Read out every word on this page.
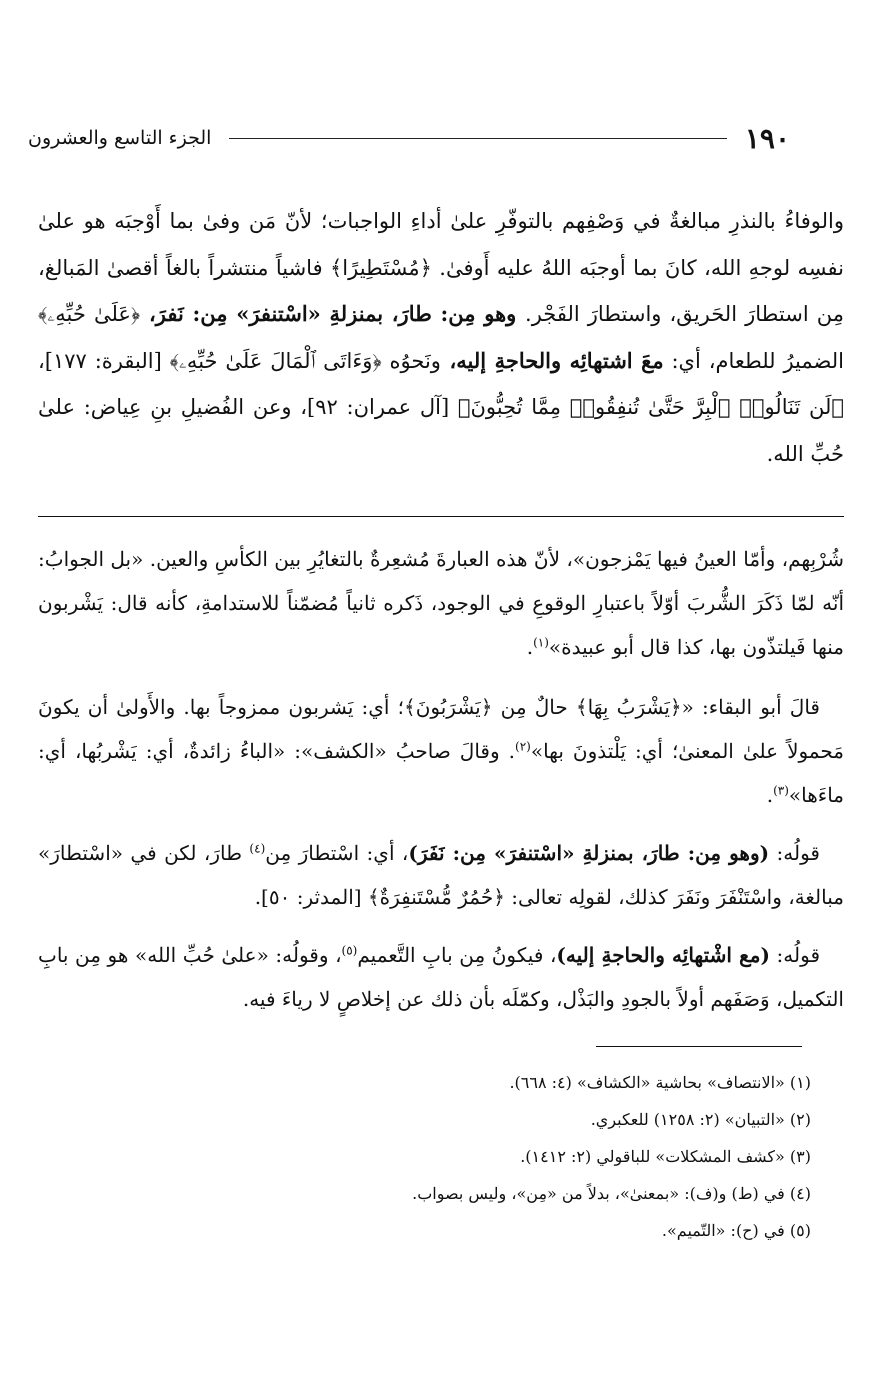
١٩٠
الجزء التاسع والعشرون

والوفاءُ بالنذرِ مبالغةٌ في وَصْفِهم بالتوفّرِ علىٰ أداءِ الواجبات؛ لأنّ مَن وفىٰ بما أَوْجبَه هو علىٰ نفسِه لوجهِ الله، كانَ بما أوجبَه اللهُ عليه أَوفىٰ. ﴿مُسْتَطِيرًا﴾ فاشياً منتشراً بالغاً أقصىٰ المَبالغ، مِن استطارَ الحَريق، واستطارَ الفَجْر. وهو مِن: طارَ، بمنزلةِ «اسْتنفرَ» مِن: نَفرَ، ﴿عَلَىٰ حُبِّهِۦ﴾ الضميرُ للطعام، أي: معَ اشتهائِه والحاجةِ إليه، ونَحوُه ﴿وَءَاتَى ٱلْمَالَ عَلَىٰ حُبِّهِۦ﴾ [البقرة: ١٧٧]، ﴿لَن تَنَالُوا۟ ٱلْبِرَّ حَتَّىٰ تُنفِقُوا۟ مِمَّا تُحِبُّونَ﴾ [آل عمران: ٩٢]، وعن الفُضيلِ بنِ عِياض: علىٰ حُبِّ الله.

شُرْبِهم، وأمّا العينُ فيها يَمْزجون»، لأنّ هذه العبارةَ مُشعِرةٌ بالتغايُرِ بين الكأسِ والعين. «بل الجوابُ: أنّه لمّا ذَكَرَ الشُّربَ أوّلاً باعتبارِ الوقوعِ في الوجود، ذَكره ثانياً مُضمّناً للاستدامةِ، كأنه قال: يَشْربون منها فَيلتذّون بها، كذا قال أبو عبيدة»$^{(١)}$.

قالَ أبو البقاء: «﴿يَشْرَبُ بِهَا﴾ حالٌ مِن ﴿يَشْرَبُونَ﴾؛ أي: يَشربون ممزوجاً بها. والأَولىٰ أن يكونَ مَحمولاً علىٰ المعنىٰ؛ أي: يَلْتذونَ بها»$^{(٢)}$. وقالَ صاحبُ «الكشف»: «الباءُ زائدةٌ، أي: يَشْربُها، أي: ماءَها»$^{(٣)}$.

قولُه: (وهو مِن: طارَ، بمنزلةِ «اسْتنفرَ» مِن: نَفَرَ)، أي: اسْتطارَ مِن$^{(٤)}$ طارَ، لكن في «اسْتطارَ» مبالغة، واسْتَنْفَرَ ونَفَرَ كذلك، لقولِه تعالى: ﴿حُمُرٌ مُّسْتَنفِرَةٌ﴾ [المدثر: ٥٠].

قولُه: (مع اشْتهائِه والحاجةِ إليه)، فيكونُ مِن بابِ التَّعميم$^{(٥)}$، وقولُه: «علىٰ حُبِّ الله» هو مِن بابِ التكميل، وَصَفَهم أولاً بالجودِ والبَذْل، وكمّلَه بأن ذلك عن إخلاصٍ لا رياءَ فيه.

(١) «الانتصاف» بحاشية «الكشاف» (٤: ٦٦٨).

(٢) «التبيان» (٢: ١٢٥٨) للعكبري.

(٣) «كشف المشكلات» للباقولي (٢: ١٤١٢).

(٤) في (ط) و(ف): «بمعنىٰ»، بدلاً من «مِن»، وليس بصواب.

(٥) في (ح): «التّميم».
